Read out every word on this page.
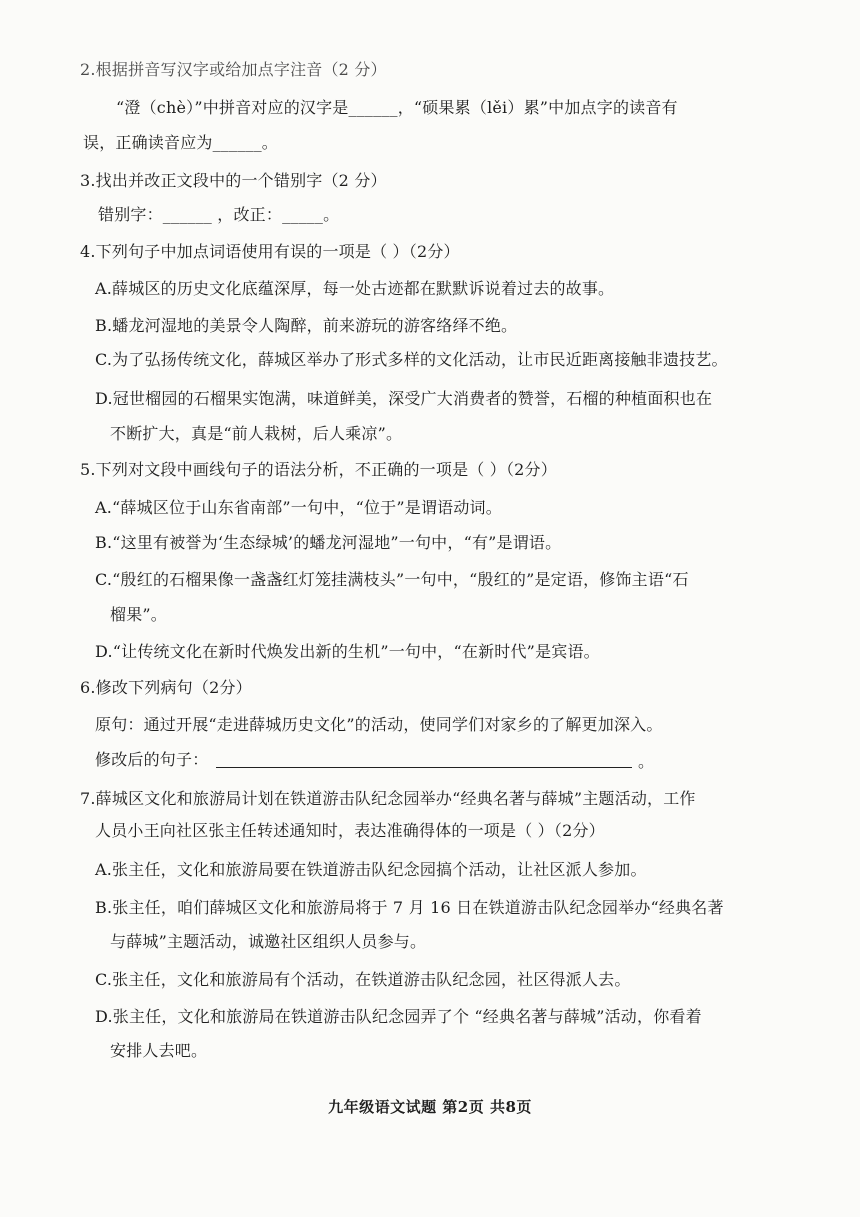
2.根据拼音写汉字或给加点字注音（2 分）
“澄（chè）”中拼音对应的汉字是______，“硕果累（lěi）累”中加点字的读音有
误，正确读音应为______。
3.找出并改正文段中的一个错别字（2 分）
错别字：______ ，改正：_____。
4.下列句子中加点词语使用有误的一项是（ ）（2分）
A.薛城区的历史文化底蕴深厚，每一处古迹都在默默诉说着过去的故事。
B.蟠龙河湿地的美景令人陶醉，前来游玩的游客络绎不绝。
C.为了弘扬传统文化，薛城区举办了形式多样的文化活动，让市民近距离接触非遗技艺。
D.冠世榴园的石榴果实饱满，味道鲜美，深受广大消费者的赞誉，石榴的种植面积也在
不断扩大，真是“前人栽树，后人乘凉”。
5.下列对文段中画线句子的语法分析，不正确的一项是（ ）（2分）
A.“薛城区位于山东省南部”一句中，“位于”是谓语动词。
B.“这里有被誉为‘生态绿城’的蟠龙河湿地”一句中，“有”是谓语。
C.“殷红的石榴果像一盏盏红灯笼挂满枝头”一句中，“殷红的”是定语，修饰主语“石
榴果”。
D.“让传统文化在新时代焕发出新的生机”一句中，“在新时代”是宾语。
6.修改下列病句（2分）
原句：通过开展“走进薛城历史文化”的活动，使同学们对家乡的了解更加深入。
修改后的句子：	。
7.薛城区文化和旅游局计划在铁道游击队纪念园举办“经典名著与薛城”主题活动，工作
人员小王向社区张主任转述通知时，表达准确得体的一项是（ ）（2分）
A.张主任，文化和旅游局要在铁道游击队纪念园搞个活动，让社区派人参加。
B.张主任，咱们薛城区文化和旅游局将于 7 月 16 日在铁道游击队纪念园举办“经典名著
与薛城”主题活动，诚邀社区组织人员参与。
C.张主任，文化和旅游局有个活动，在铁道游击队纪念园，社区得派人去。
D.张主任，文化和旅游局在铁道游击队纪念园弄了个 “经典名著与薛城”活动，你看着
安排人去吧。
九年级语文试题 第2页 共8页
